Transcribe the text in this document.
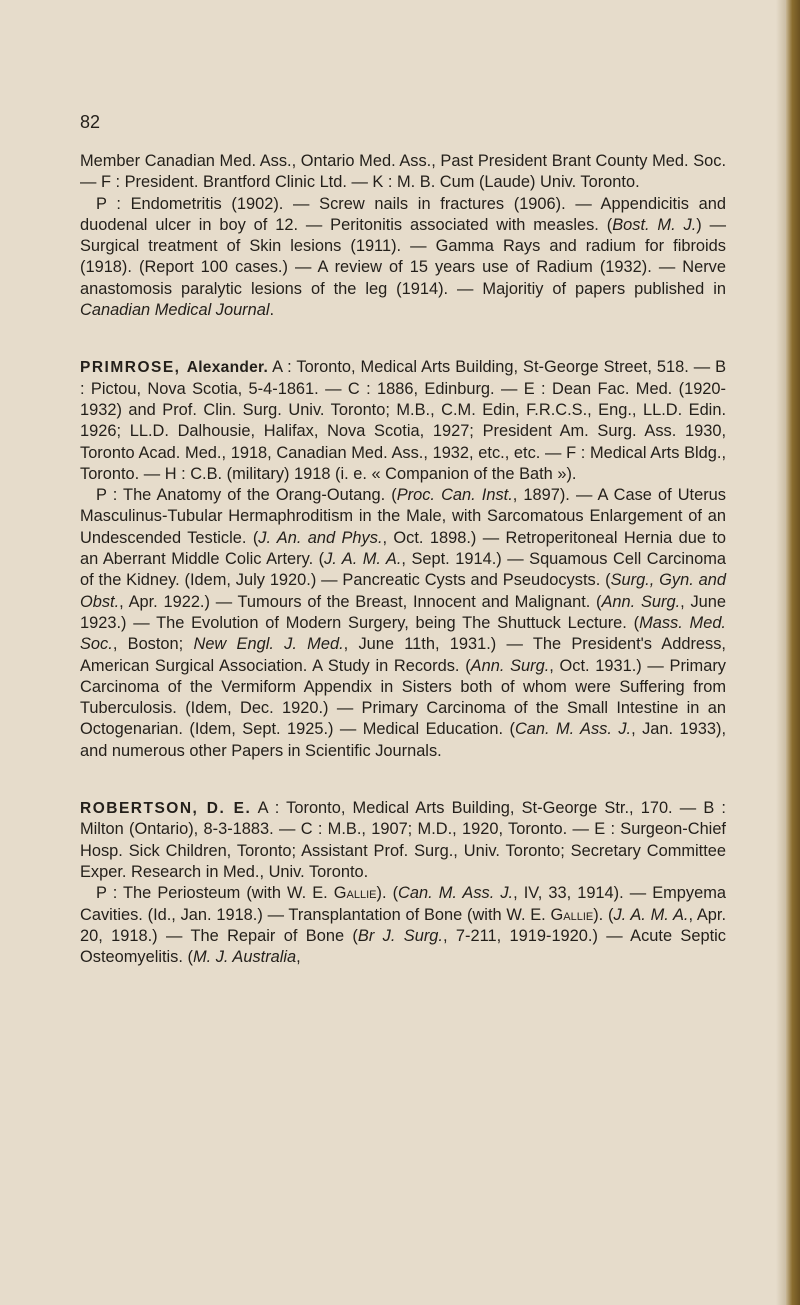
82

Member Canadian Med. Ass., Ontario Med. Ass., Past President Brant County Med. Soc. — F : President. Brantford Clinic Ltd. — K : M. B. Cum (Laude) Univ. Toronto.

P : Endometritis (1902). — Screw nails in fractures (1906). — Appendicitis and duodenal ulcer in boy of 12. — Peritonitis associated with measles. (Bost. M. J.) — Surgical treatment of Skin lesions (1911). — Gamma Rays and radium for fibroids (1918). (Report 100 cases.) — A review of 15 years use of Radium (1932). — Nerve anastomosis paralytic lesions of the leg (1914). — Majoritiy of papers published in Canadian Medical Journal.

PRIMROSE, Alexander. A : Toronto, Medical Arts Building, St-George Street, 518. — B : Pictou, Nova Scotia, 5-4-1861. — C : 1886, Edinburg. — E : Dean Fac. Med. (1920-1932) and Prof. Clin. Surg. Univ. Toronto; M.B., C.M. Edin, F.R.C.S., Eng., LL.D. Edin. 1926; LL.D. Dalhousie, Halifax, Nova Scotia, 1927; President Am. Surg. Ass. 1930, Toronto Acad. Med., 1918, Canadian Med. Ass., 1932, etc., etc. — F : Medical Arts Bldg., Toronto. — H : C.B. (military) 1918 (i. e. « Companion of the Bath »).

P : The Anatomy of the Orang-Outang. (Proc. Can. Inst., 1897). — A Case of Uterus Masculinus-Tubular Hermaphroditism in the Male, with Sarcomatous Enlargement of an Undescended Testicle. (J. An. and Phys., Oct. 1898.) — Retroperitoneal Hernia due to an Aberrant Middle Colic Artery. (J. A. M. A., Sept. 1914.) — Squamous Cell Carcinoma of the Kidney. (Idem, July 1920.) — Pancreatic Cysts and Pseudocysts. (Surg., Gyn. and Obst., Apr. 1922.) — Tumours of the Breast, Innocent and Malignant. (Ann. Surg., June 1923.) — The Evolution of Modern Surgery, being The Shuttuck Lecture. (Mass. Med. Soc., Boston; New Engl. J. Med., June 11th, 1931.) — The President's Address, American Surgical Association. A Study in Records. (Ann. Surg., Oct. 1931.) — Primary Carcinoma of the Vermiform Appendix in Sisters both of whom were Suffering from Tuberculosis. (Idem, Dec. 1920.) — Primary Carcinoma of the Small Intestine in an Octogenarian. (Idem, Sept. 1925.) — Medical Education. (Can. M. Ass. J., Jan. 1933), and numerous other Papers in Scientific Journals.

ROBERTSON, D. E. A : Toronto, Medical Arts Building, St-George Str., 170. — B : Milton (Ontario), 8-3-1883. — C : M.B., 1907; M.D., 1920, Toronto. — E : Surgeon-Chief Hosp. Sick Children, Toronto; Assistant Prof. Surg., Univ. Toronto; Secretary Committee Exper. Research in Med., Univ. Toronto.

P : The Periosteum (with W. E. Gallie). (Can. M. Ass. J., IV, 33, 1914). — Empyema Cavities. (Id., Jan. 1918.) — Transplantation of Bone (with W. E. Gallie). (J. A. M. A., Apr. 20, 1918.) — The Repair of Bone (Br J. Surg., 7-211, 1919-1920.) — Acute Septic Osteomyelitis. (M. J. Australia,
